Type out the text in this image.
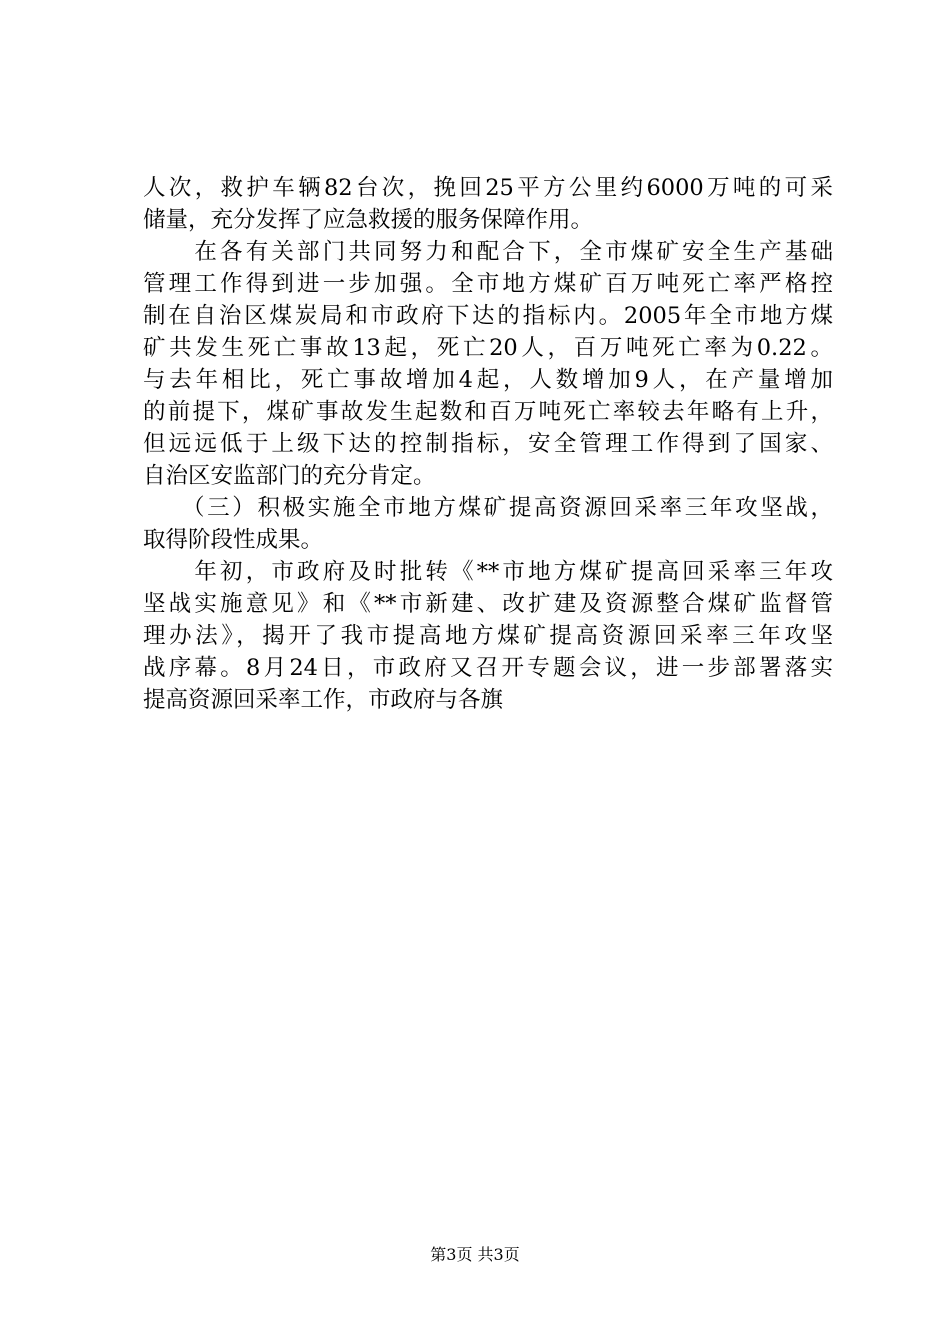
人次，救护车辆82台次，挽回25平方公里约6000万吨的可采
储量，充分发挥了应急救援的服务保障作用。
　　在各有关部门共同努力和配合下，全市煤矿安全生产基础
管理工作得到进一步加强。全市地方煤矿百万吨死亡率严格控
制在自治区煤炭局和市政府下达的指标内。2005年全市地方煤
矿共发生死亡事故13起，死亡20人，百万吨死亡率为0.22。
与去年相比，死亡事故增加4起，人数增加9人，在产量增加
的前提下，煤矿事故发生起数和百万吨死亡率较去年略有上升，
但远远低于上级下达的控制指标，安全管理工作得到了国家、
自治区安监部门的充分肯定。
　　（三）积极实施全市地方煤矿提高资源回采率三年攻坚战，
取得阶段性成果。
　　年初，市政府及时批转《**市地方煤矿提高回采率三年攻
坚战实施意见》和《**市新建、改扩建及资源整合煤矿监督管
理办法》，揭开了我市提高地方煤矿提高资源回采率三年攻坚
战序幕。8月24日，市政府又召开专题会议，进一步部署落实
提高资源回采率工作，市政府与各旗
第3页 共3页
